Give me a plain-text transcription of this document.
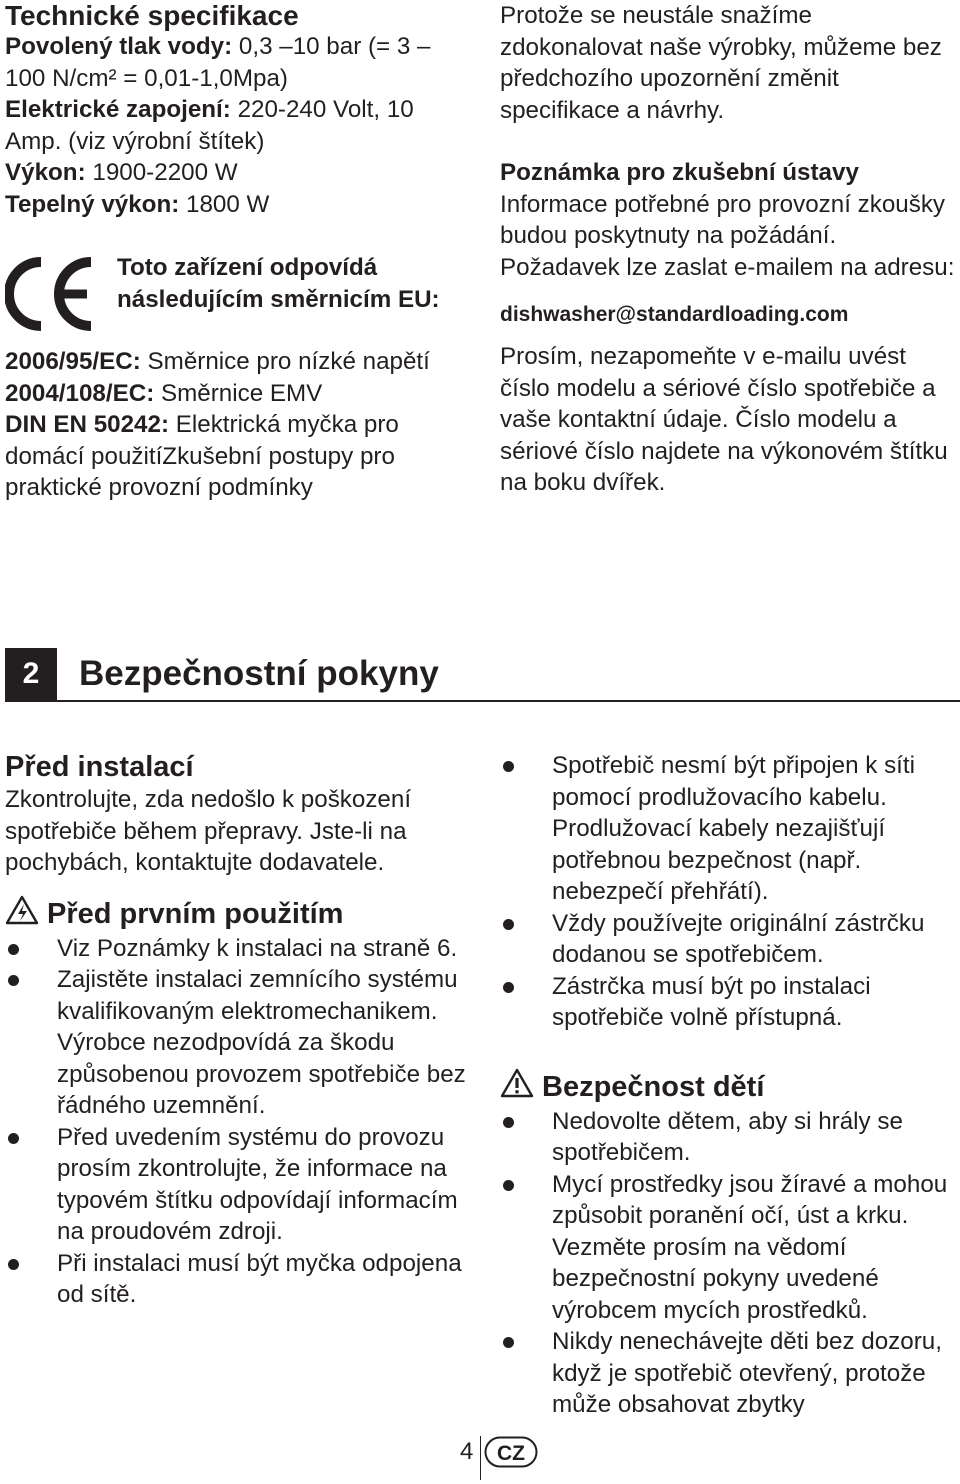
Technické specifikace

Povolený tlak vody: 0,3 –10 bar (= 3 – 100 N/cm² = 0,01-1,0Mpa)

Elektrické zapojení: 220-240 Volt, 10 Amp. (viz výrobní štítek)

Výkon: 1900-2200 W

Tepelný výkon: 1800 W

Toto zařízení odpovídá následujícím směrnicím EU:

2006/95/EC: Směrnice pro nízké napětí

2004/108/EC: Směrnice EMV

DIN EN 50242: Elektrická myčka pro domácí použitíZkušební postupy pro praktické provozní podmínky

Protože se neustále snažíme zdokonalovat naše výrobky, můžeme bez předchozího upozornění změnit specifikace a návrhy.

Poznámka pro zkušební ústavy

Informace potřebné pro provozní zkoušky budou poskytnuty na požádání. Požadavek lze zaslat e-mailem na adresu:

dishwasher@standardloading.com

Prosím, nezapomeňte v e-mailu uvést číslo modelu a sériové číslo spotřebiče a vaše kontaktní údaje. Číslo modelu a sériové číslo najdete na výkonovém štítku na boku dvířek.

2	Bezpečnostní pokyny

Před instalací

Zkontrolujte, zda nedošlo k poškození spotřebiče během přepravy. Jste-li na pochybách, kontaktujte dodavatele.

Před prvním použitím

Viz Poznámky k instalaci na straně 6.
Zajistěte instalaci zemnícího systému kvalifikovaným elektromechanikem. Výrobce nezodpovídá za škodu způsobenou provozem spotřebiče bez řádného uzemnění.
Před uvedením systému do provozu prosím zkontrolujte, že informace na typovém štítku odpovídají informacím na proudovém zdroji.
Při instalaci musí být myčka odpojena od sítě.
Spotřebič nesmí být připojen k síti pomocí prodlužovacího kabelu. Prodlužovací kabely nezajišťují potřebnou bezpečnost (např. nebezpečí přehřátí).
Vždy používejte originální zástrčku dodanou se spotřebičem.
Zástrčka musí být po instalaci spotřebiče volně přístupná.

Bezpečnost dětí

Nedovolte dětem, aby si hrály se spotřebičem.
Mycí prostředky jsou žíravé a mohou způsobit poranění očí, úst a krku. Vezměte prosím na vědomí bezpečnostní pokyny uvedené výrobcem mycích prostředků.
Nikdy nenechávejte děti bez dozoru, když je spotřebič otevřený, protože může obsahovat zbytky
4 CZ
